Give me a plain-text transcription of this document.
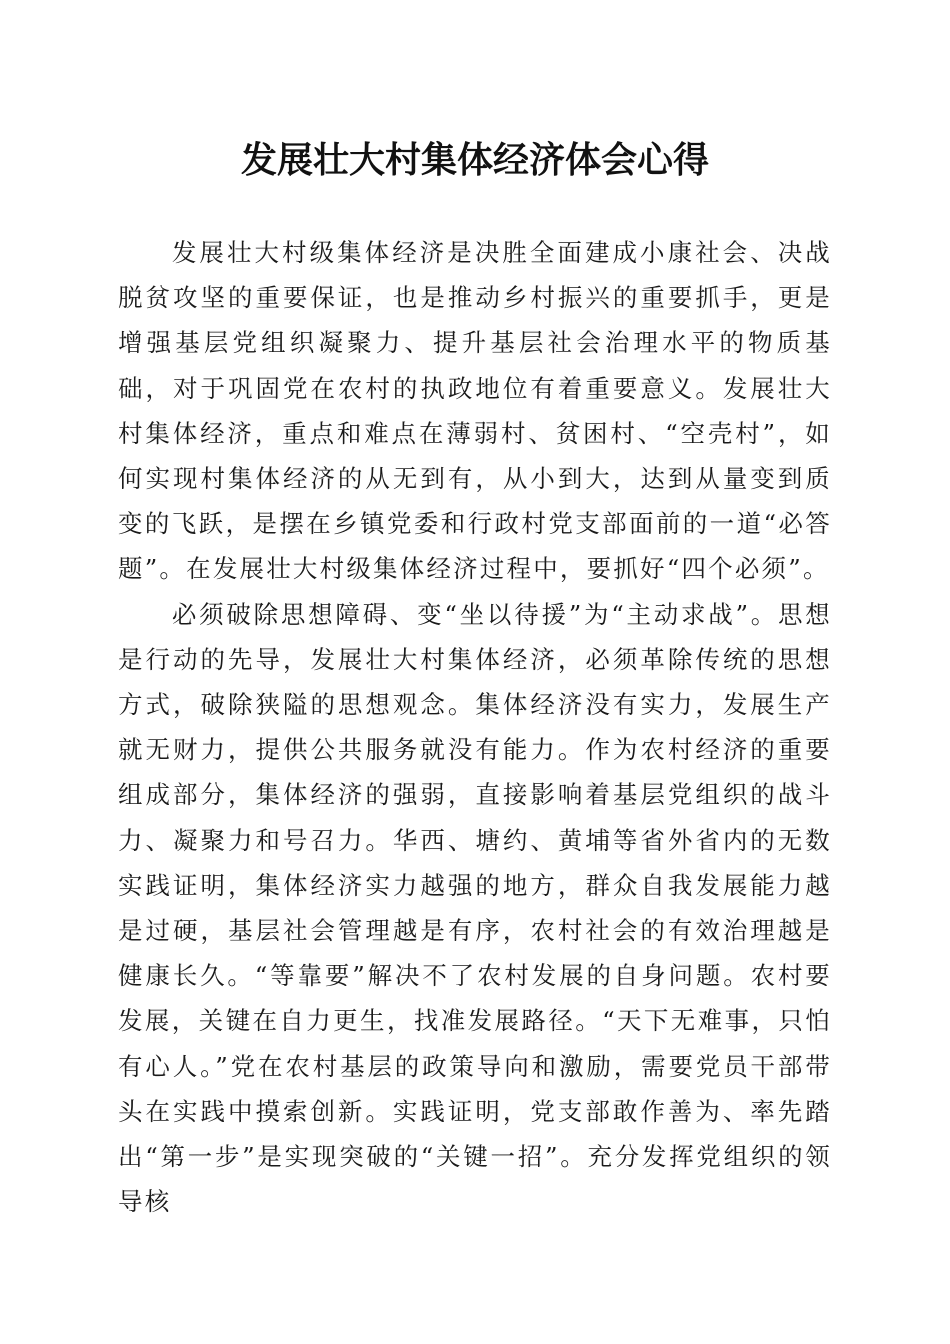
发展壮大村集体经济体会心得

发展壮大村级集体经济是决胜全面建成小康社会、决战脱贫攻坚的重要保证，也是推动乡村振兴的重要抓手，更是增强基层党组织凝聚力、提升基层社会治理水平的物质基础，对于巩固党在农村的执政地位有着重要意义。发展壮大村集体经济，重点和难点在薄弱村、贫困村、“空壳村”，如何实现村集体经济的从无到有，从小到大，达到从量变到质变的飞跃，是摆在乡镇党委和行政村党支部面前的一道“必答题”。在发展壮大村级集体经济过程中，要抓好“四个必须”。

必须破除思想障碍、变“坐以待援”为“主动求战”。思想是行动的先导，发展壮大村集体经济，必须革除传统的思想方式，破除狭隘的思想观念。集体经济没有实力，发展生产就无财力，提供公共服务就没有能力。作为农村经济的重要组成部分，集体经济的强弱，直接影响着基层党组织的战斗力、凝聚力和号召力。华西、塘约、黄埔等省外省内的无数实践证明，集体经济实力越强的地方，群众自我发展能力越是过硬，基层社会管理越是有序，农村社会的有效治理越是健康长久。“等靠要”解决不了农村发展的自身问题。农村要发展，关键在自力更生，找准发展路径。“天下无难事，只怕有心人。”党在农村基层的政策导向和激励，需要党员干部带头在实践中摸索创新。实践证明，党支部敢作善为、率先踏出“第一步”是实现突破的“关键一招”。充分发挥党组织的领导核
